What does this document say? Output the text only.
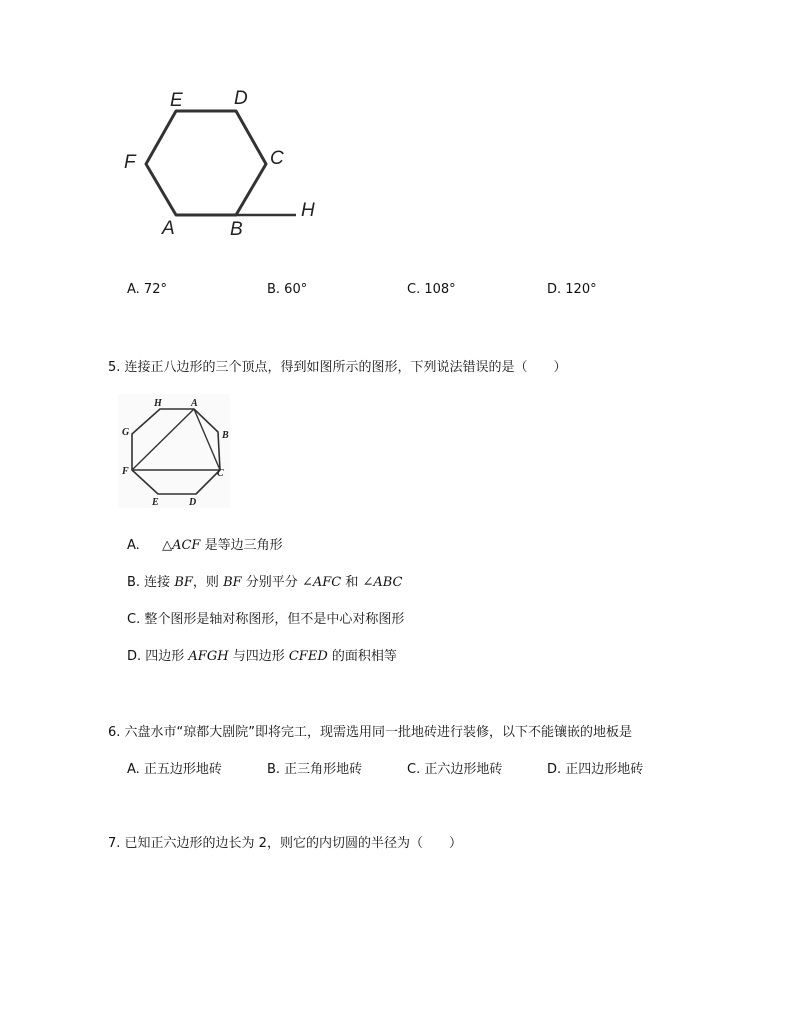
E	D
F	C
A	B
H
A. 72°	B. 60°	C. 108°	D. 120°
5. 连接正八边形的三个顶点，得到如图所示的图形，下列说法错误的是（　　）
H	A
G	B
F	C
E	D
A. △ACF 是等边三角形
B. 连接 BF，则 BF 分别平分 ∠AFC 和 ∠ABC
C. 整个图形是轴对称图形，但不是中心对称图形
D. 四边形 AFGH 与四边形 CFED 的面积相等
6. 六盘水市“琼都大剧院”即将完工，现需选用同一批地砖进行装修，以下不能镶嵌的地板是
A. 正五边形地砖	B. 正三角形地砖	C. 正六边形地砖	D. 正四边形地砖
7. 已知正六边形的边长为 2，则它的内切圆的半径为（　　）
